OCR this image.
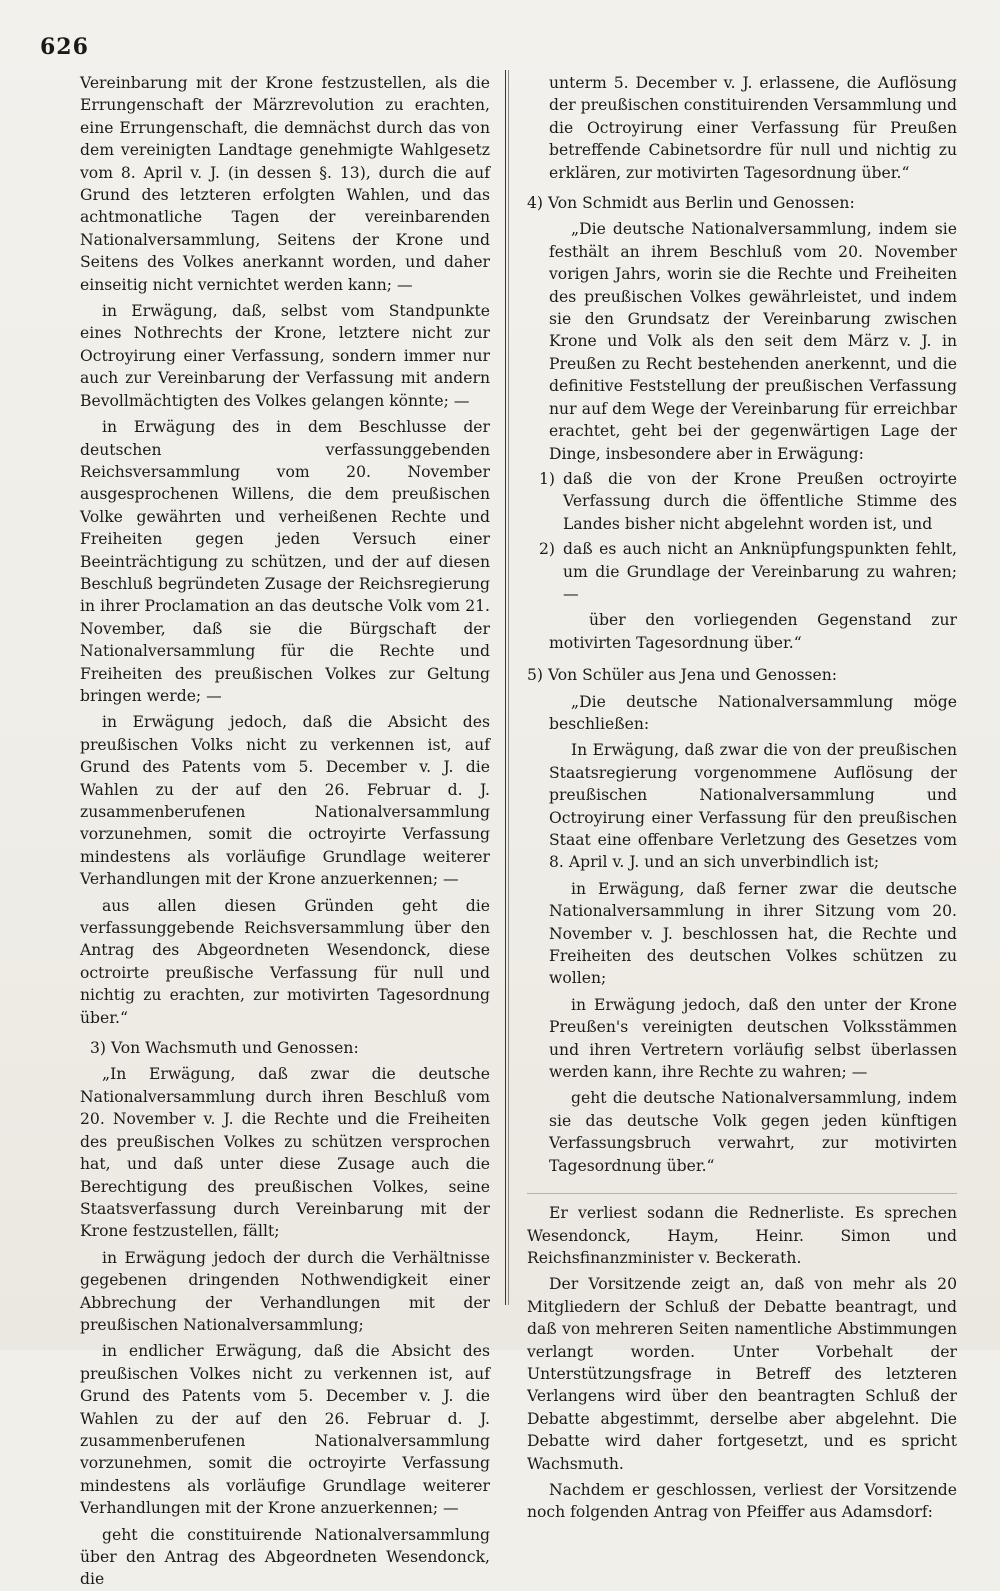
626

Vereinbarung mit der Krone festzustellen, als die Errungenschaft der Märzrevolution zu erachten, eine Errungenschaft, die demnächst durch das von dem vereinigten Landtage genehmigte Wahlgesetz vom 8. April v. J. (in dessen §. 13), durch die auf Grund des letzteren erfolgten Wahlen, und das achtmonatliche Tagen der vereinbarenden Nationalversammlung, Seitens der Krone und Seitens des Volkes anerkannt worden, und daher einseitig nicht vernichtet werden kann; —

in Erwägung, daß, selbst vom Standpunkte eines Nothrechts der Krone, letztere nicht zur Octroyirung einer Verfassung, sondern immer nur auch zur Vereinbarung der Verfassung mit andern Bevollmächtigten des Volkes gelangen könnte; —

in Erwägung des in dem Beschlusse der deutschen verfassunggebenden Reichsversammlung vom 20. November ausgesprochenen Willens, die dem preußischen Volke gewährten und verheißenen Rechte und Freiheiten gegen jeden Versuch einer Beeinträchtigung zu schützen, und der auf diesen Beschluß begründeten Zusage der Reichsregierung in ihrer Proclamation an das deutsche Volk vom 21. November, daß sie die Bürgschaft der Nationalversammlung für die Rechte und Freiheiten des preußischen Volkes zur Geltung bringen werde; —

in Erwägung jedoch, daß die Absicht des preußischen Volks nicht zu verkennen ist, auf Grund des Patents vom 5. December v. J. die Wahlen zu der auf den 26. Februar d. J. zusammenberufenen Nationalversammlung vorzunehmen, somit die octroyirte Verfassung mindestens als vorläufige Grundlage weiterer Verhandlungen mit der Krone anzuerkennen; —

aus allen diesen Gründen geht die verfassunggebende Reichsversammlung über den Antrag des Abgeordneten Wesendonck, diese octroirte preußische Verfassung für null und nichtig zu erachten, zur motivirten Tagesordnung über.“

3) Von Wachsmuth und Genossen:

„In Erwägung, daß zwar die deutsche Nationalversammlung durch ihren Beschluß vom 20. November v. J. die Rechte und die Freiheiten des preußischen Volkes zu schützen versprochen hat, und daß unter diese Zusage auch die Berechtigung des preußischen Volkes, seine Staatsverfassung durch Vereinbarung mit der Krone festzustellen, fällt;

in Erwägung jedoch der durch die Verhältnisse gegebenen dringenden Nothwendigkeit einer Abbrechung der Verhandlungen mit der preußischen Nationalversammlung;

in endlicher Erwägung, daß die Absicht des preußischen Volkes nicht zu verkennen ist, auf Grund des Patents vom 5. December v. J. die Wahlen zu der auf den 26. Februar d. J. zusammenberufenen Nationalversammlung vorzunehmen, somit die octroyirte Verfassung mindestens als vorläufige Grundlage weiterer Verhandlungen mit der Krone anzuerkennen; —

geht die constituirende Nationalversammlung über den Antrag des Abgeordneten Wesendonck, die

unterm 5. December v. J. erlassene, die Auflösung der preußischen constituirenden Versammlung und die Octroyirung einer Verfassung für Preußen betreffende Cabinetsordre für null und nichtig zu erklären, zur motivirten Tagesordnung über.“

4) Von Schmidt aus Berlin und Genossen:

„Die deutsche Nationalversammlung, indem sie festhält an ihrem Beschluß vom 20. November vorigen Jahrs, worin sie die Rechte und Freiheiten des preußischen Volkes gewährleistet, und indem sie den Grundsatz der Vereinbarung zwischen Krone und Volk als den seit dem März v. J. in Preußen zu Recht bestehenden anerkennt, und die definitive Feststellung der preußischen Verfassung nur auf dem Wege der Vereinbarung für erreichbar erachtet, geht bei der gegenwärtigen Lage der Dinge, insbesondere aber in Erwägung:

1) daß die von der Krone Preußen octroyirte Verfassung durch die öffentliche Stimme des Landes bisher nicht abgelehnt worden ist, und
2) daß es auch nicht an Anknüpfungspunkten fehlt, um die Grundlage der Vereinbarung zu wahren; —

über den vorliegenden Gegenstand zur motivirten Tagesordnung über.“

5) Von Schüler aus Jena und Genossen:

„Die deutsche Nationalversammlung möge beschließen:

In Erwägung, daß zwar die von der preußischen Staatsregierung vorgenommene Auflösung der preußischen Nationalversammlung und Octroyirung einer Verfassung für den preußischen Staat eine offenbare Verletzung des Gesetzes vom 8. April v. J. und an sich unverbindlich ist;

in Erwägung, daß ferner zwar die deutsche Nationalversammlung in ihrer Sitzung vom 20. November v. J. beschlossen hat, die Rechte und Freiheiten des deutschen Volkes schützen zu wollen;

in Erwägung jedoch, daß den unter der Krone Preußen's vereinigten deutschen Volksstämmen und ihren Vertretern vorläufig selbst überlassen werden kann, ihre Rechte zu wahren; —

geht die deutsche Nationalversammlung, indem sie das deutsche Volk gegen jeden künftigen Verfassungsbruch verwahrt, zur motivirten Tagesordnung über.“

Er verliest sodann die Rednerliste. Es sprechen Wesendonck, Haym, Heinr. Simon und Reichsfinanzminister v. Beckerath.

Der Vorsitzende zeigt an, daß von mehr als 20 Mitgliedern der Schluß der Debatte beantragt, und daß von mehreren Seiten namentliche Abstimmungen verlangt worden. Unter Vorbehalt der Unterstützungsfrage in Betreff des letzteren Verlangens wird über den beantragten Schluß der Debatte abgestimmt, derselbe aber abgelehnt. Die Debatte wird daher fortgesetzt, und es spricht Wachsmuth.

Nachdem er geschlossen, verliest der Vorsitzende noch folgenden Antrag von Pfeiffer aus Adamsdorf:
